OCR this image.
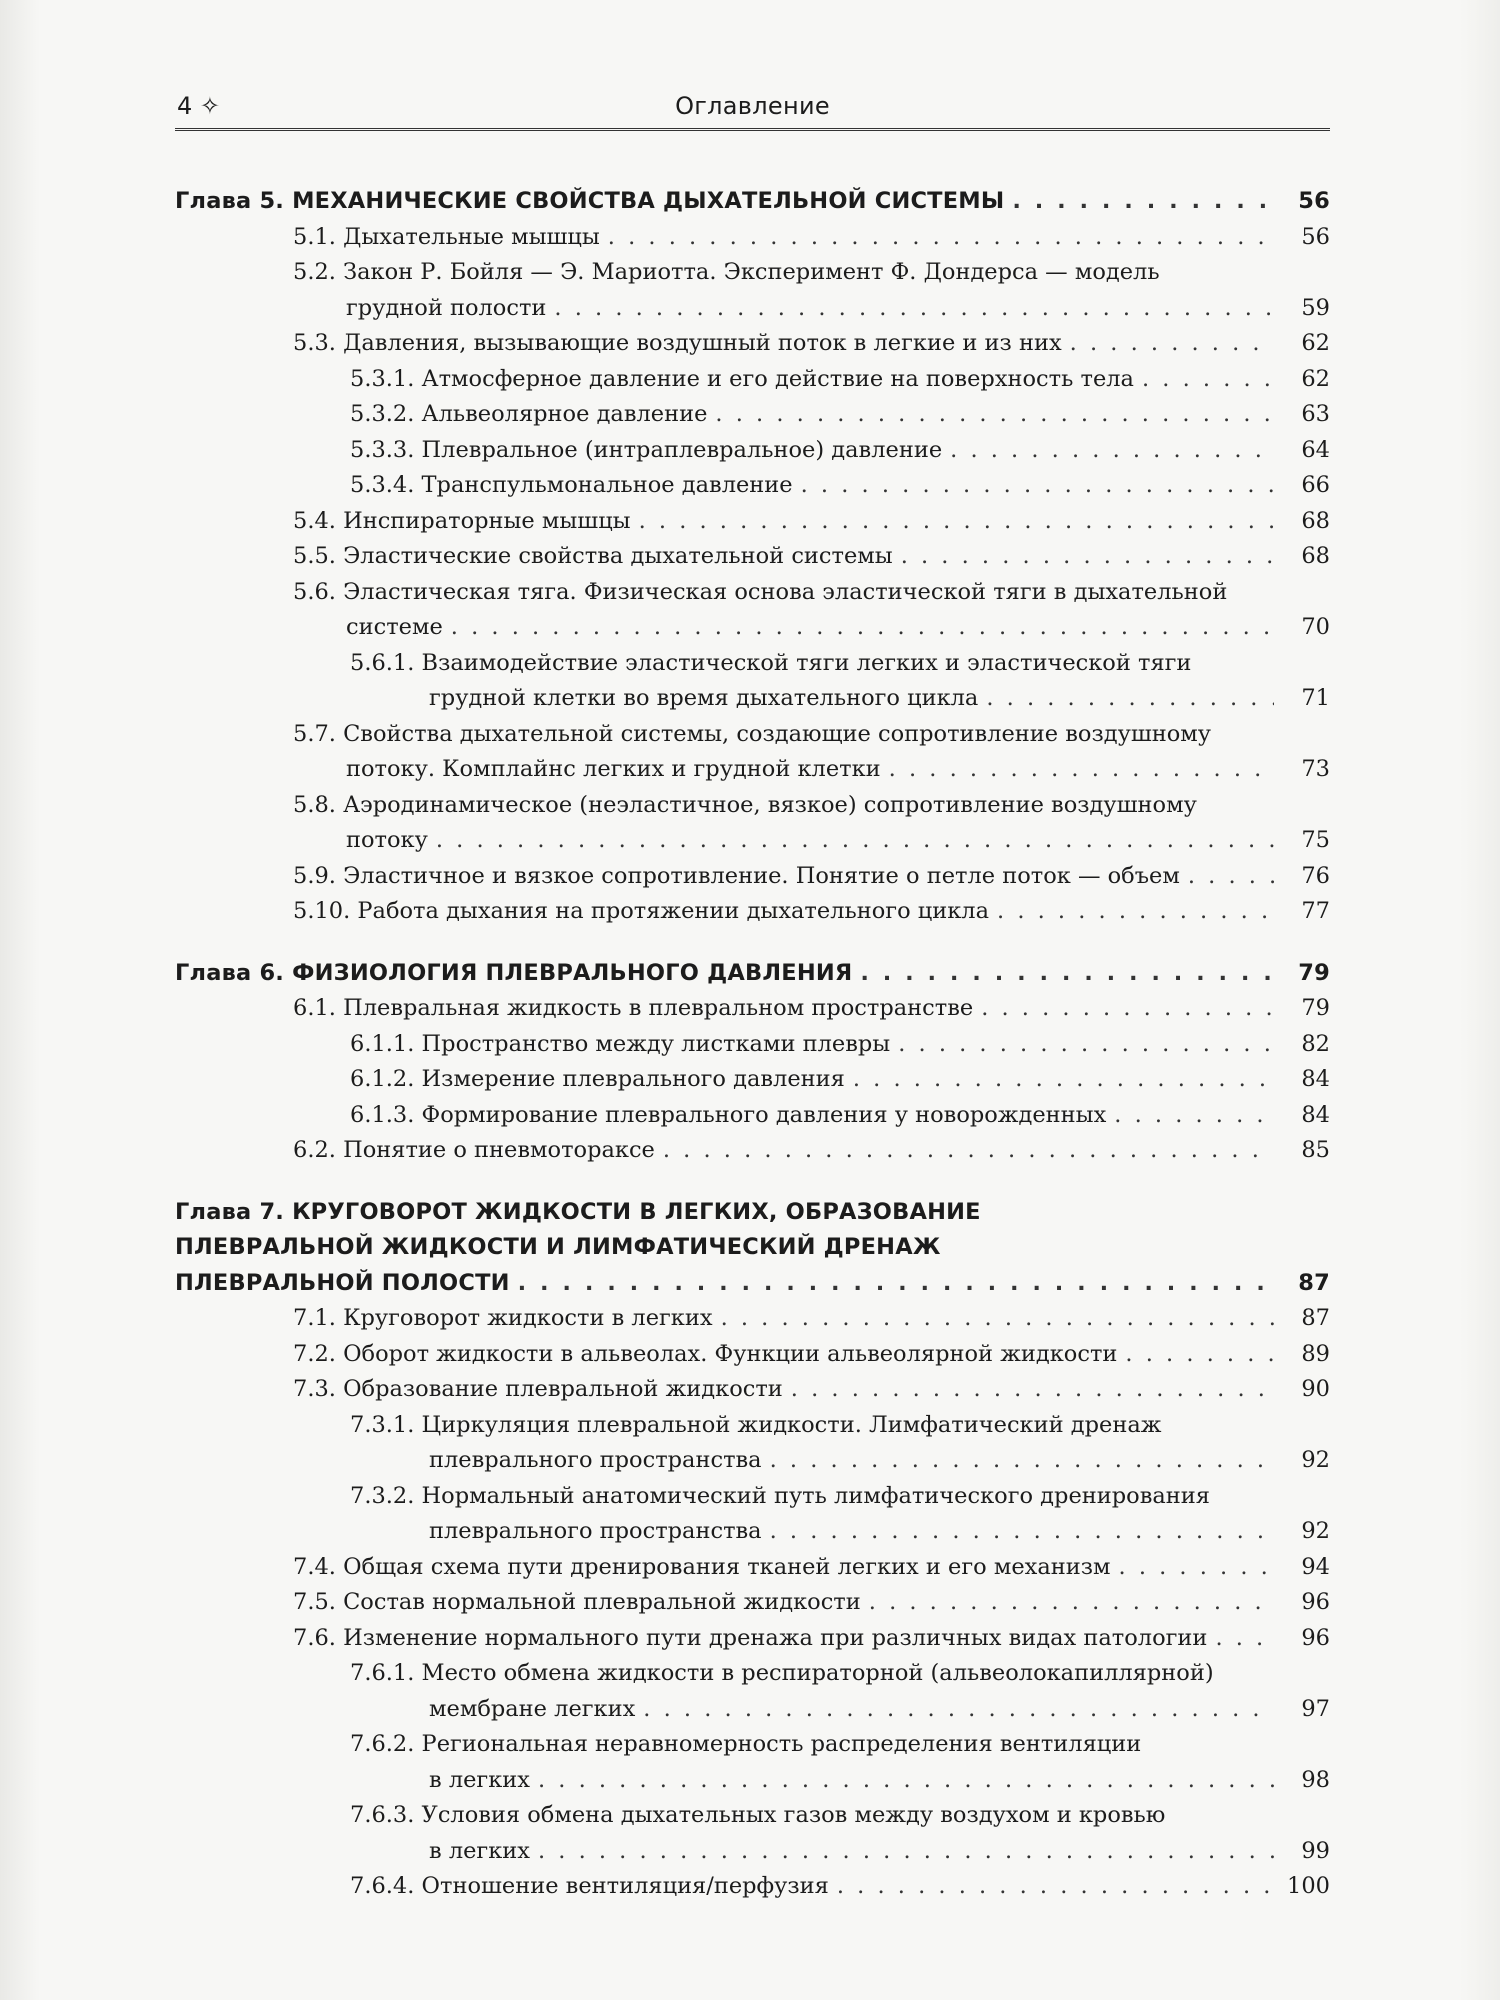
4 ✧	Оглавление
Глава 5. МЕХАНИЧЕСКИЕ СВОЙСТВА ДЫХАТЕЛЬНОЙ СИСТЕМЫ . . .	56
5.1. Дыхательные мышцы . . .	56
5.2. Закон Р. Бойля — Э. Мариотта. Эксперимент Ф. Дондерса — модель
грудной полости . . .	59
5.3. Давления, вызывающие воздушный поток в легкие и из них . . .	62
5.3.1. Атмосферное давление и его действие на поверхность тела . . .	62
5.3.2. Альвеолярное давление . . .	63
5.3.3. Плевральное (интраплевральное) давление . . .	64
5.3.4. Транспульмональное давление . . .	66
5.4. Инспираторные мышцы . . .	68
5.5. Эластические свойства дыхательной системы . . .	68
5.6. Эластическая тяга. Физическая основа эластической тяги в дыхательной
системе . . .	70
5.6.1. Взаимодействие эластической тяги легких и эластической тяги
грудной клетки во время дыхательного цикла . . .	71
5.7. Свойства дыхательной системы, создающие сопротивление воздушному
потоку. Комплайнс легких и грудной клетки . . .	73
5.8. Аэродинамическое (неэластичное, вязкое) сопротивление воздушному
потоку . . .	75
5.9. Эластичное и вязкое сопротивление. Понятие о петле поток — объем . . .	76
5.10. Работа дыхания на протяжении дыхательного цикла . . .	77
Глава 6. ФИЗИОЛОГИЯ ПЛЕВРАЛЬНОГО ДАВЛЕНИЯ . . .	79
6.1. Плевральная жидкость в плевральном пространстве . . .	79
6.1.1. Пространство между листками плевры . . .	82
6.1.2. Измерение плеврального давления . . .	84
6.1.3. Формирование плеврального давления у новорожденных . . .	84
6.2. Понятие о пневмотораксе . . .	85
Глава 7. КРУГОВОРОТ ЖИДКОСТИ В ЛЕГКИХ, ОБРАЗОВАНИЕ
ПЛЕВРАЛЬНОЙ ЖИДКОСТИ И ЛИМФАТИЧЕСКИЙ ДРЕНАЖ
ПЛЕВРАЛЬНОЙ ПОЛОСТИ . . .	87
7.1. Круговорот жидкости в легких . . .	87
7.2. Оборот жидкости в альвеолах. Функции альвеолярной жидкости . . .	89
7.3. Образование плевральной жидкости . . .	90
7.3.1. Циркуляция плевральной жидкости. Лимфатический дренаж
плеврального пространства . . .	92
7.3.2. Нормальный анатомический путь лимфатического дренирования
плеврального пространства . . .	92
7.4. Общая схема пути дренирования тканей легких и его механизм . . .	94
7.5. Состав нормальной плевральной жидкости . . .	96
7.6. Изменение нормального пути дренажа при различных видах патологии . . .	96
7.6.1. Место обмена жидкости в респираторной (альвеолокапиллярной)
мембране легких . . .	97
7.6.2. Региональная неравномерность распределения вентиляции
в легких . . .	98
7.6.3. Условия обмена дыхательных газов между воздухом и кровью
в легких . . .	99
7.6.4. Отношение вентиляция/перфузия . . .	100
